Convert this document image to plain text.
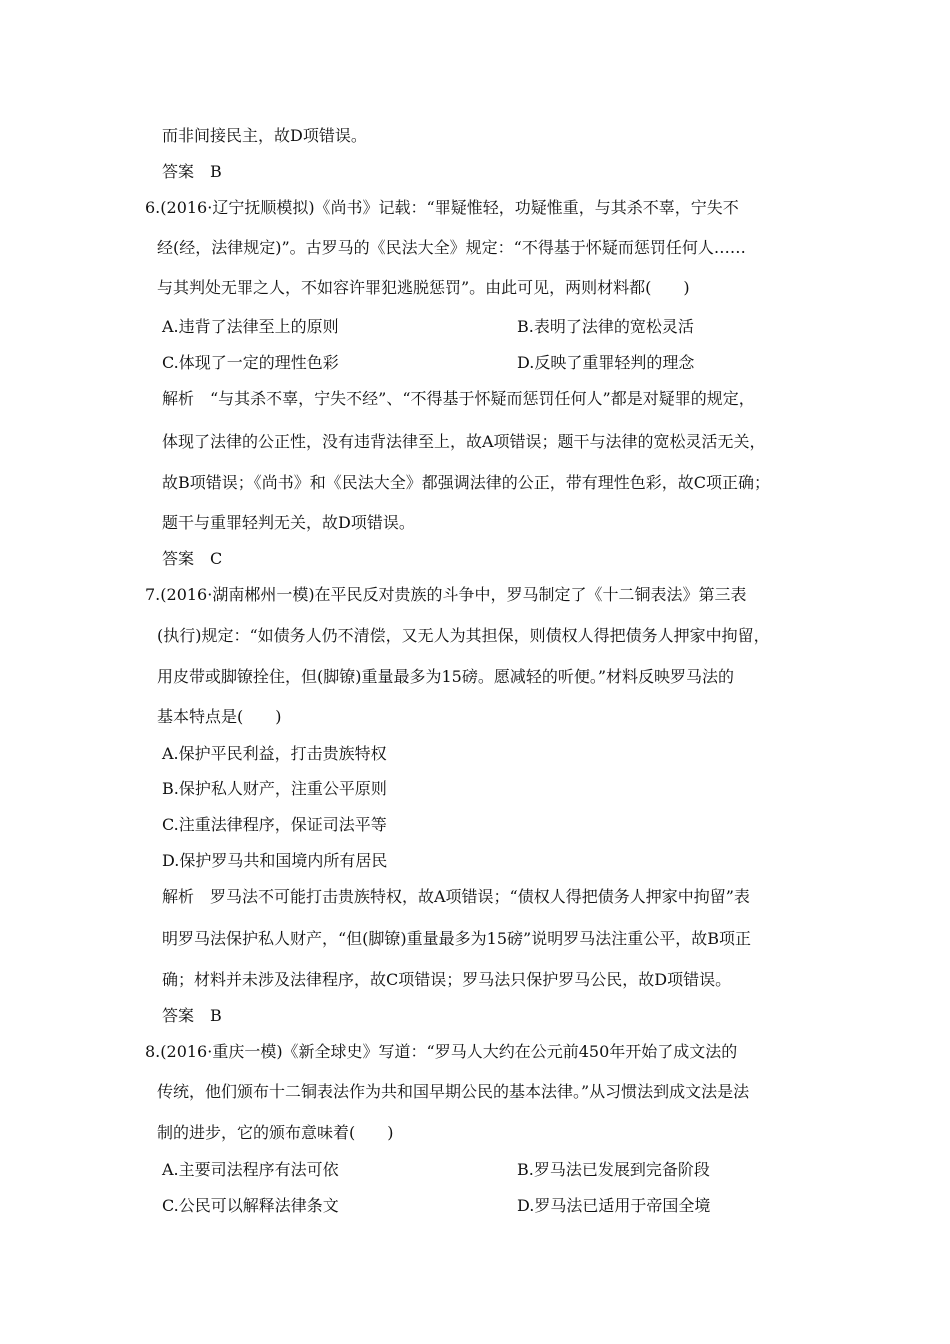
而非间接民主，故D项错误。
答案　B
6.(2016·辽宁抚顺模拟)《尚书》记载：“罪疑惟轻，功疑惟重，与其杀不辜，宁失不
经(经，法律规定)”。古罗马的《民法大全》规定：“不得基于怀疑而惩罚任何人……
与其判处无罪之人，不如容许罪犯逃脱惩罚”。由此可见，两则材料都(　　)
A.违背了法律至上的原则	B.表明了法律的宽松灵活
C.体现了一定的理性色彩	D.反映了重罪轻判的理念
解析　“与其杀不辜，宁失不经”、“不得基于怀疑而惩罚任何人”都是对疑罪的规定，
体现了法律的公正性，没有违背法律至上，故A项错误；题干与法律的宽松灵活无关，
故B项错误；《尚书》和《民法大全》都强调法律的公正，带有理性色彩，故C项正确；
题干与重罪轻判无关，故D项错误。
答案　C
7.(2016·湖南郴州一模)在平民反对贵族的斗争中，罗马制定了《十二铜表法》第三表
(执行)规定：“如债务人仍不清偿，又无人为其担保，则债权人得把债务人押家中拘留，
用皮带或脚镣拴住，但(脚镣)重量最多为15磅。愿减轻的听便。”材料反映罗马法的
基本特点是(　　)
A.保护平民利益，打击贵族特权
B.保护私人财产，注重公平原则
C.注重法律程序，保证司法平等
D.保护罗马共和国境内所有居民
解析　罗马法不可能打击贵族特权，故A项错误；“债权人得把债务人押家中拘留”表
明罗马法保护私人财产，“但(脚镣)重量最多为15磅”说明罗马法注重公平，故B项正
确；材料并未涉及法律程序，故C项错误；罗马法只保护罗马公民，故D项错误。
答案　B
8.(2016·重庆一模)《新全球史》写道：“罗马人大约在公元前450年开始了成文法的
传统，他们颁布十二铜表法作为共和国早期公民的基本法律。”从习惯法到成文法是法
制的进步，它的颁布意味着(　　)
A.主要司法程序有法可依	B.罗马法已发展到完备阶段
C.公民可以解释法律条文	D.罗马法已适用于帝国全境
